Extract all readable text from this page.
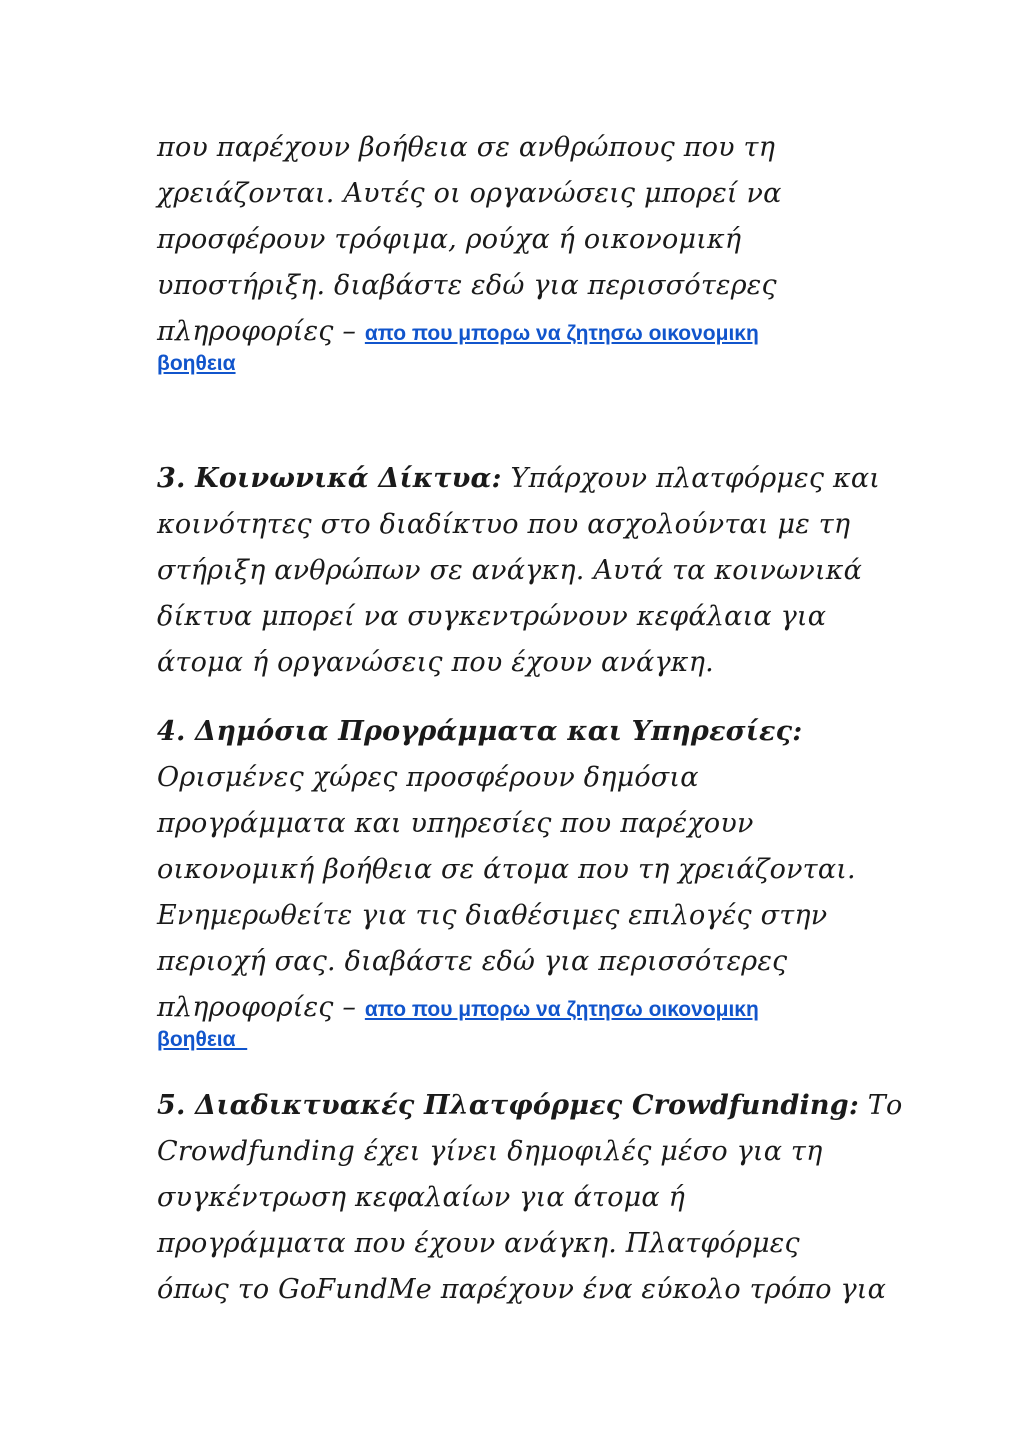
που παρέχουν βοήθεια σε ανθρώπους που τη
χρειάζονται. Αυτές οι οργανώσεις μπορεί να
προσφέρουν τρόφιμα, ρούχα ή οικονομική
υποστήριξη. διαβάστε εδώ για περισσότερες
πληροφορίες – απο που μπορω να ζητησω οικονομικη
βοηθεια
3. Κοινωνικά Δίκτυα: Υπάρχουν πλατφόρμες και
κοινότητες στο διαδίκτυο που ασχολούνται με τη
στήριξη ανθρώπων σε ανάγκη. Αυτά τα κοινωνικά
δίκτυα μπορεί να συγκεντρώνουν κεφάλαια για
άτομα ή οργανώσεις που έχουν ανάγκη.
4. Δημόσια Προγράμματα και Υπηρεσίες:
Ορισμένες χώρες προσφέρουν δημόσια
προγράμματα και υπηρεσίες που παρέχουν
οικονομική βοήθεια σε άτομα που τη χρειάζονται.
Ενημερωθείτε για τις διαθέσιμες επιλογές στην
περιοχή σας. διαβάστε εδώ για περισσότερες
πληροφορίες – απο που μπορω να ζητησω οικονομικη
βοηθεια
5. Διαδικτυακές Πλατφόρμες Crowdfunding: Το
Crowdfunding έχει γίνει δημοφιλές μέσο για τη
συγκέντρωση κεφαλαίων για άτομα ή
προγράμματα που έχουν ανάγκη. Πλατφόρμες
όπως το GoFundMe παρέχουν ένα εύκολο τρόπο για
